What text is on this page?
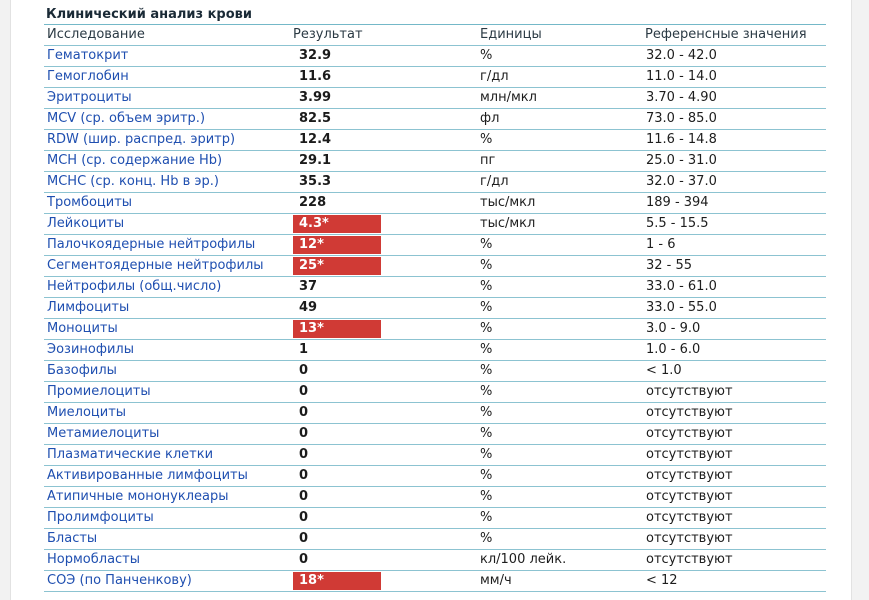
Клинический анализ крови
Исследование	Результат	Единицы	Референсные значения
Гематокрит	32.9	%	32.0 - 42.0
Гемоглобин	11.6	г/дл	11.0 - 14.0
Эритроциты	3.99	млн/мкл	3.70 - 4.90
MCV (ср. объем эритр.)	82.5	фл	73.0 - 85.0
RDW (шир. распред. эритр)	12.4	%	11.6 - 14.8
MCH (ср. содержание Hb)	29.1	пг	25.0 - 31.0
MCHC (ср. конц. Hb в эр.)	35.3	г/дл	32.0 - 37.0
Тромбоциты	228	тыс/мкл	189 - 394
Лейкоциты	4.3*	тыс/мкл	5.5 - 15.5
Палочкоядерные нейтрофилы	12*	%	1 - 6
Сегментоядерные нейтрофилы	25*	%	32 - 55
Нейтрофилы (общ.число)	37	%	33.0 - 61.0
Лимфоциты	49	%	33.0 - 55.0
Моноциты	13*	%	3.0 - 9.0
Эозинофилы	1	%	1.0 - 6.0
Базофилы	0	%	< 1.0
Промиелоциты	0	%	отсутствуют
Миелоциты	0	%	отсутствуют
Метамиелоциты	0	%	отсутствуют
Плазматические клетки	0	%	отсутствуют
Активированные лимфоциты	0	%	отсутствуют
Атипичные мононуклеары	0	%	отсутствуют
Пролимфоциты	0	%	отсутствуют
Бласты	0	%	отсутствуют
Нормобласты	0	кл/100 лейк.	отсутствуют
СОЭ (по Панченкову)	18*	мм/ч	< 12
